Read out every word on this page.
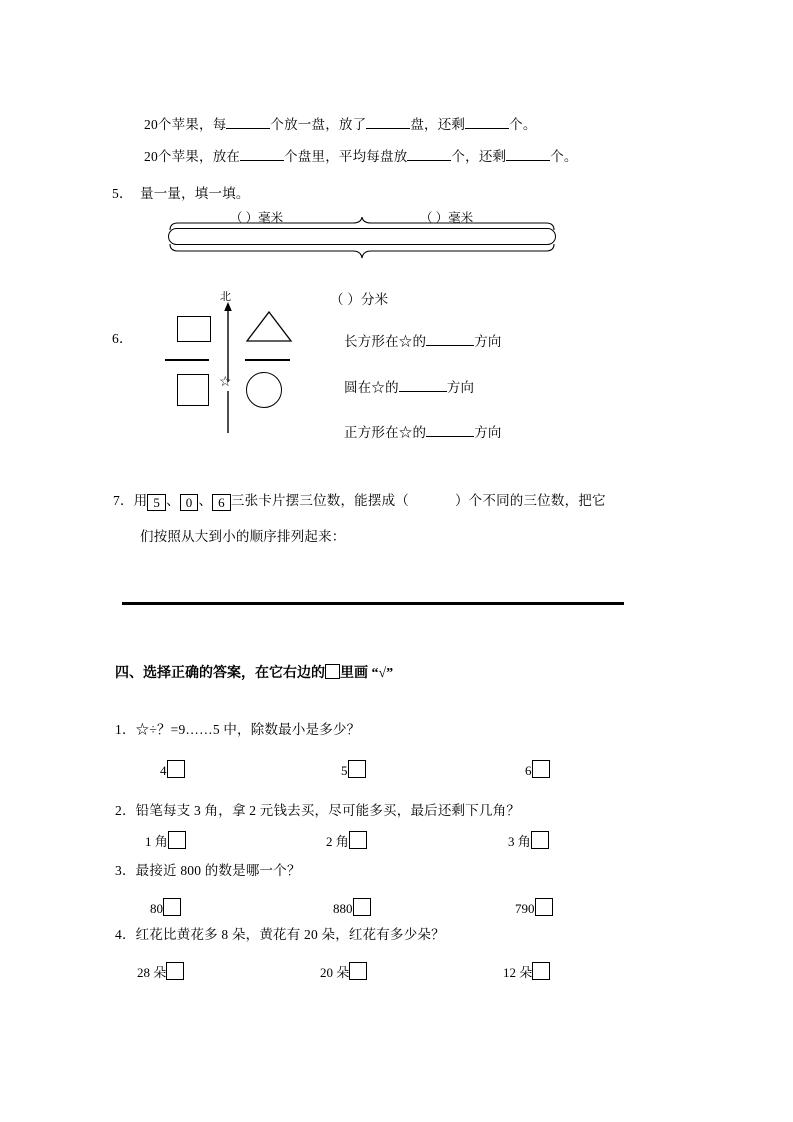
20个苹果，每	个放一盘，放了	盘，还剩	个。
20个苹果，放在	个盘里，平均每盘放	个，还剩	个。
5． 量一量，填一填。
（ ）毫米	（ ）毫米
（ ）分米
6．
北
☆
长方形在☆的	方向
圆在☆的	方向
正方形在☆的	方向
7．用 5 、 0 、 6 三张卡片摆三位数，能摆成（	）个不同的三位数，把它
们按照从大到小的顺序排列起来：
四、选择正确的答案，在它右边的 里画 “√”
1．☆÷？=9……5 中，除数最小是多少？
4	5	6
2．铅笔每支 3 角，拿 2 元钱去买，尽可能多买，最后还剩下几角？
1 角	2 角	3 角
3．最接近 800 的数是哪一个？
80	880	790
4．红花比黄花多 8 朵，黄花有 20 朵，红花有多少朵？
28 朵	20 朵	12 朵
